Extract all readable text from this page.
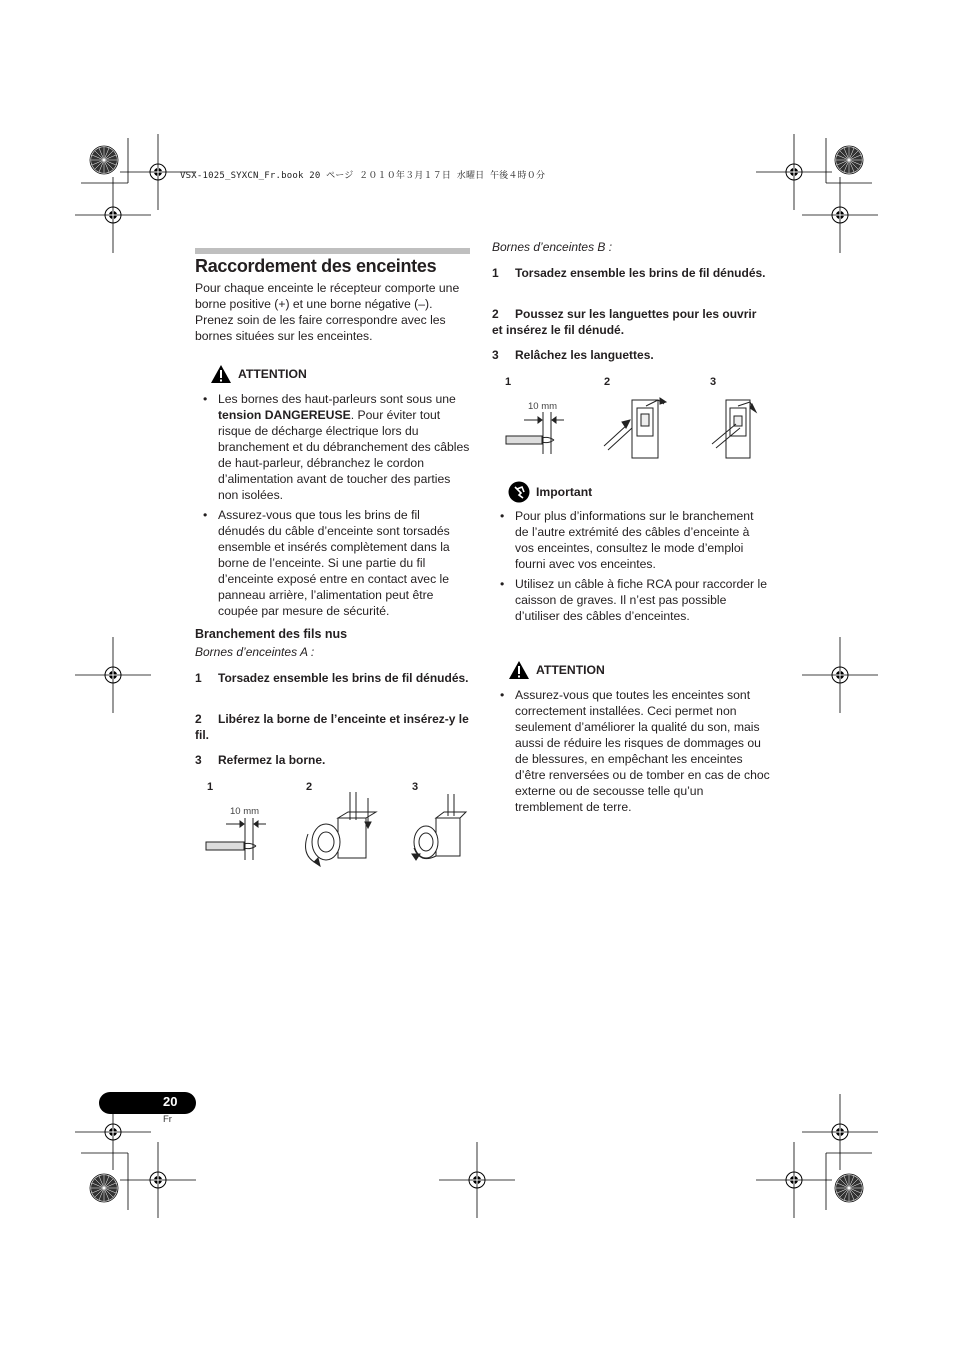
VSX-1025_SYXCN_Fr.book 20 ページ ２０１０年３月１７日 水曜日 午後４時０分
Raccordement des enceintes
Pour chaque enceinte le récepteur comporte une borne positive (+) et une borne négative (–). Prenez soin de les faire correspondre avec les bornes situées sur les enceintes.
ATTENTION
• Les bornes des haut-parleurs sont sous une tension DANGEREUSE. Pour éviter tout risque de décharge électrique lors du branchement et du débranchement des câbles de haut-parleur, débranchez le cordon d’alimentation avant de toucher des parties non isolées.
• Assurez-vous que tous les brins de fil dénudés du câble d’enceinte sont torsadés ensemble et insérés complètement dans la borne de l’enceinte. Si une partie du fil d’enceinte exposé entre en contact avec le panneau arrière, l’alimentation peut être coupée par mesure de sécurité.
Branchement des fils nus
Bornes d’enceintes A :
1 Torsadez ensemble les brins de fil dénudés.
2 Libérez la borne de l’enceinte et insérez-y le fil.
3 Refermez la borne.
1	2	3
10 mm
Bornes d’enceintes B :
1 Torsadez ensemble les brins de fil dénudés.
2 Poussez sur les languettes pour les ouvrir et insérez le fil dénudé.
3 Relâchez les languettes.
1	2	3
10 mm
Important
• Pour plus d’informations sur le branchement de l’autre extrémité des câbles d’enceinte à vos enceintes, consultez le mode d’emploi fourni avec vos enceintes.
• Utilisez un câble à fiche RCA pour raccorder le caisson de graves. Il n’est pas possible d’utiliser des câbles d’enceintes.
ATTENTION
• Assurez-vous que toutes les enceintes sont correctement installées. Ceci permet non seulement d’améliorer la qualité du son, mais aussi de réduire les risques de dommages ou de blessures, en empêchant les enceintes d’être renversées ou de tomber en cas de choc externe ou de secousse telle qu’un tremblement de terre.
20
Fr
